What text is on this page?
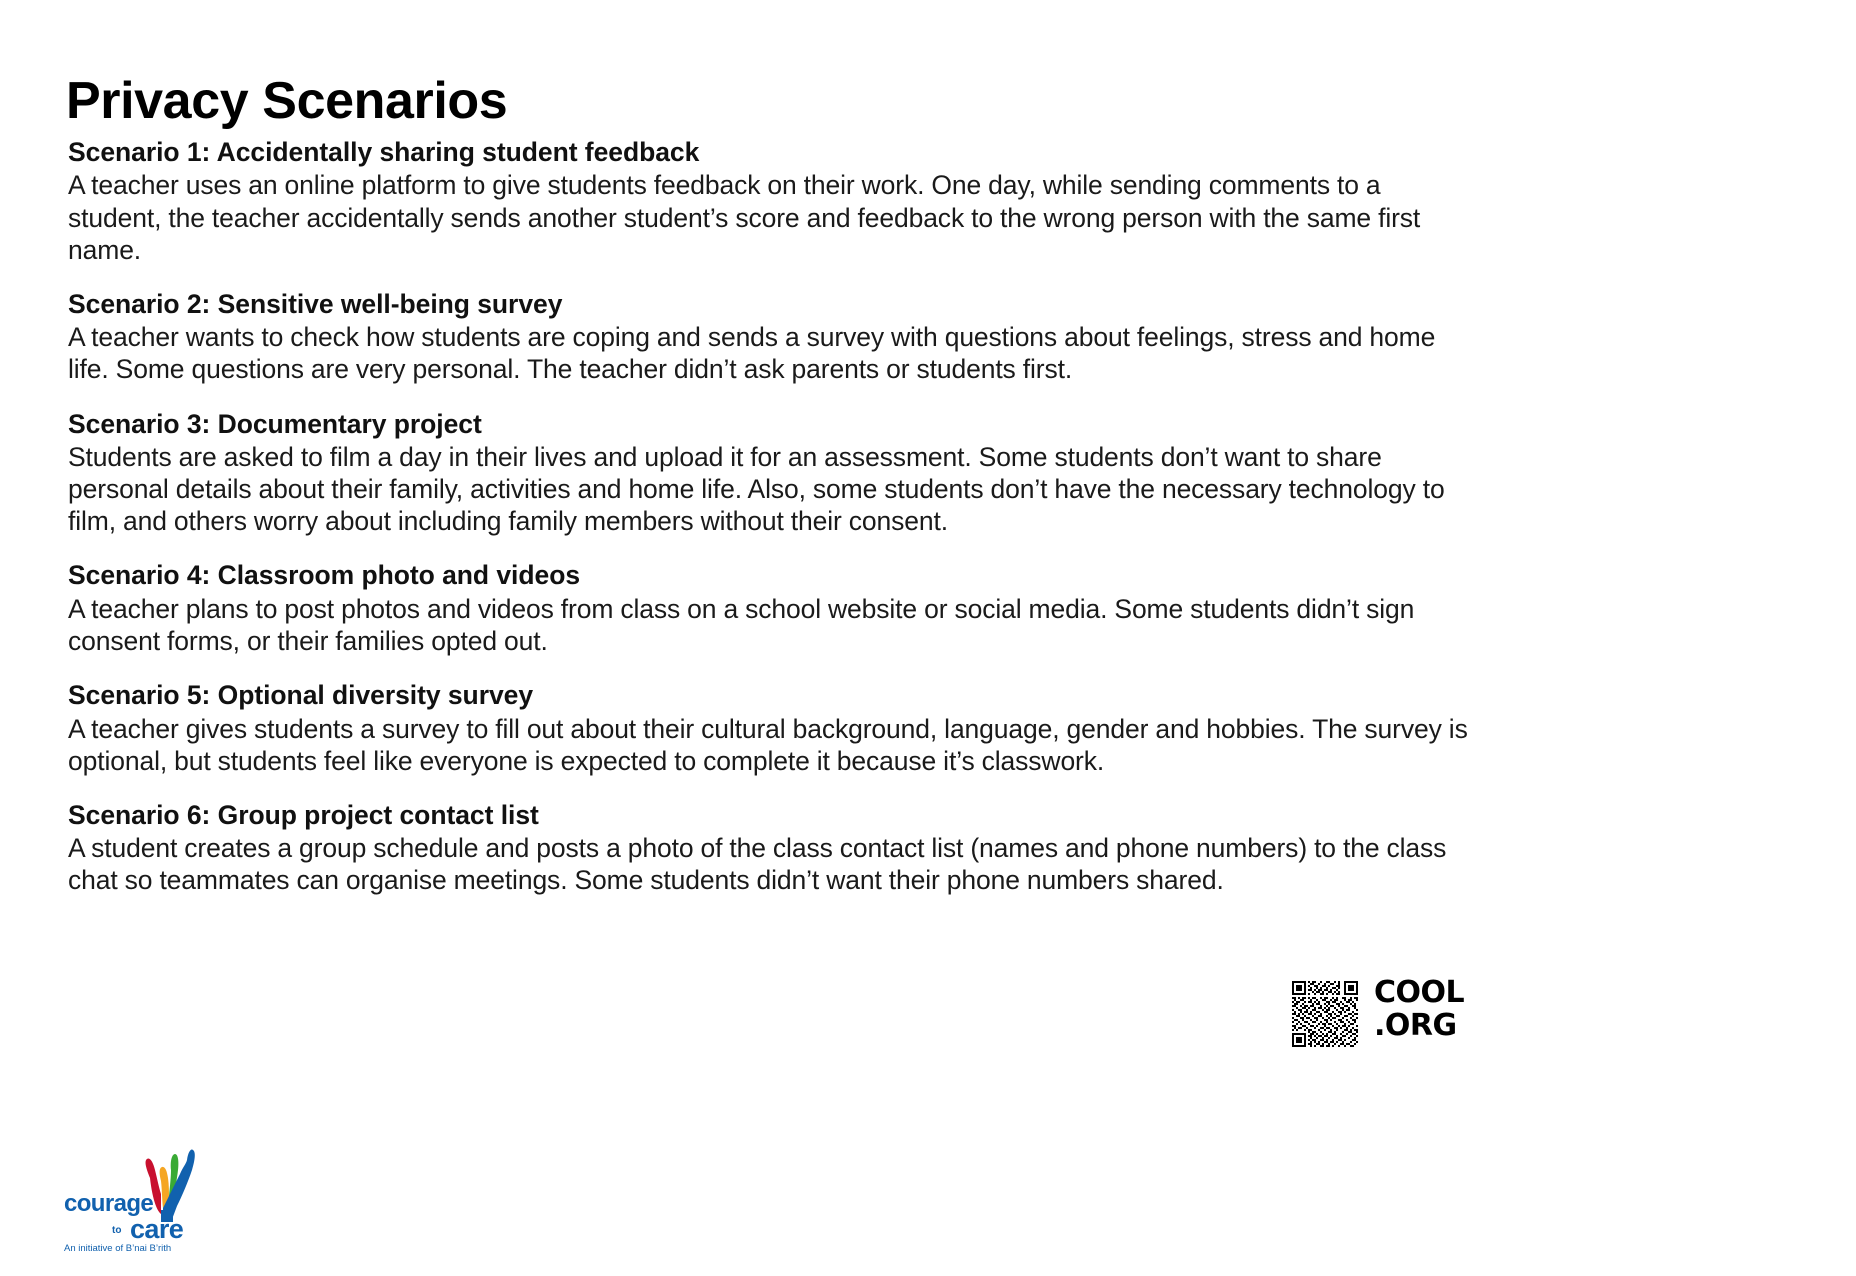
Privacy Scenarios
Scenario 1: Accidentally sharing student feedback
A teacher uses an online platform to give students feedback on their work. One day, while sending comments to a student, the teacher accidentally sends another student’s score and feedback to the wrong person with the same first name.
Scenario 2: Sensitive well-being survey
A teacher wants to check how students are coping and sends a survey with questions about feelings, stress and home life. Some questions are very personal. The teacher didn’t ask parents or students first.
Scenario 3: Documentary project
Students are asked to film a day in their lives and upload it for an assessment. Some students don’t want to share personal details about their family, activities and home life. Also, some students don’t have the necessary technology to film, and others worry about including family members without their consent.
Scenario 4: Classroom photo and videos
A teacher plans to post photos and videos from class on a school website or social media. Some students didn’t sign consent forms, or their families opted out.
Scenario 5: Optional diversity survey
A teacher gives students a survey to fill out about their cultural background, language, gender and hobbies. The survey is optional, but students feel like everyone is expected to complete it because it’s classwork.
Scenario 6: Group project contact list
A student creates a group schedule and posts a photo of the class contact list (names and phone numbers) to the class chat so teammates can organise meetings. Some students didn’t want their phone numbers shared.
courage
to care
An initiative of B’nai B’rith
COOL
.ORG
